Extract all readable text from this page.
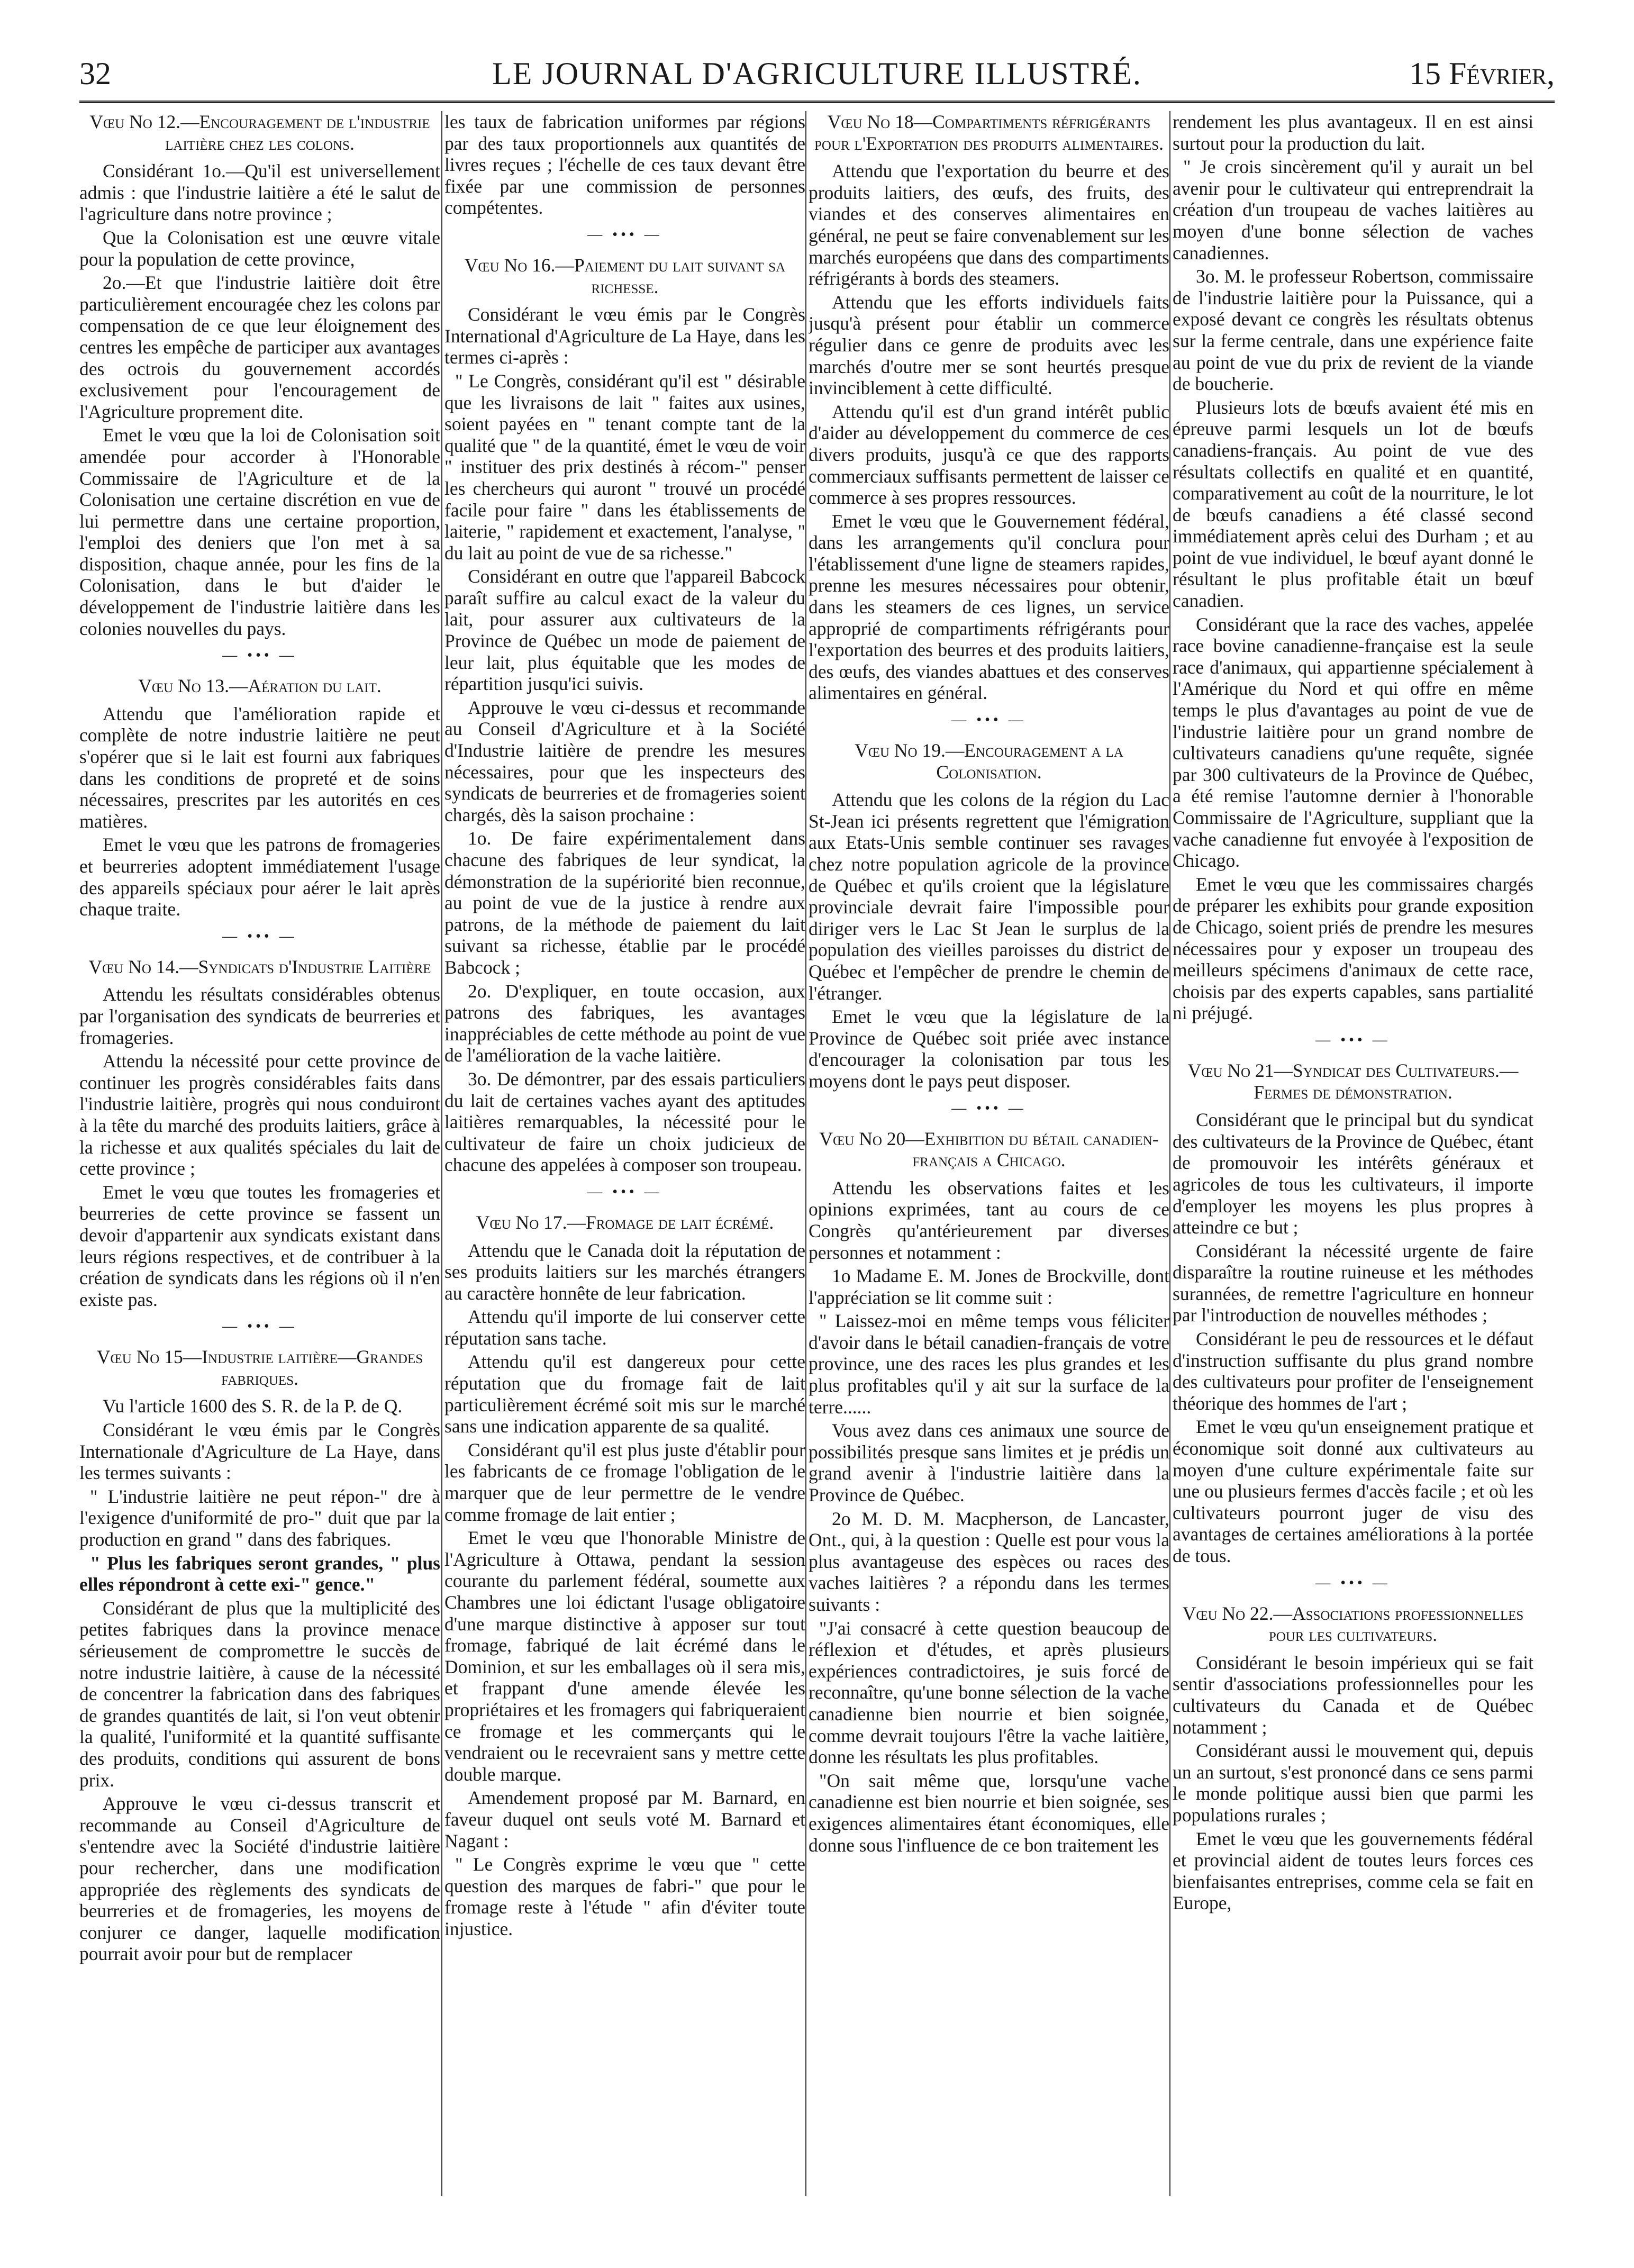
32	LE JOURNAL D'AGRICULTURE ILLUSTRÉ.	15 Février,

Vœu No 12.—Encouragement de l'industrie laitière chez les colons.

Considérant 1o.—Qu'il est universellement admis : que l'industrie laitière a été le salut de l'agriculture dans notre province ;

Que la Colonisation est une œuvre vitale pour la population de cette province,

2o.—Et que l'industrie laitière doit être particulièrement encouragée chez les colons par compensation de ce que leur éloignement des centres les empêche de participer aux avantages des octrois du gouvernement accordés exclusivement pour l'encouragement de l'Agriculture proprement dite.

Emet le vœu que la loi de Colonisation soit amendée pour accorder à l'Honorable Commissaire de l'Agriculture et de la Colonisation une certaine discrétion en vue de lui permettre dans une certaine proportion, l'emploi des deniers que l'on met à sa disposition, chaque année, pour les fins de la Colonisation, dans le but d'aider le développement de l'industrie laitière dans les colonies nouvelles du pays.

— ••• —

Vœu No 13.—Aération du lait.

Attendu que l'amélioration rapide et complète de notre industrie laitière ne peut s'opérer que si le lait est fourni aux fabriques dans les conditions de propreté et de soins nécessaires, prescrites par les autorités en ces matières.

Emet le vœu que les patrons de fromageries et beurreries adoptent immédiatement l'usage des appareils spéciaux pour aérer le lait après chaque traite.

— ••• —

Vœu No 14.—Syndicats d'Industrie Laitière

Attendu les résultats considérables obtenus par l'organisation des syndicats de beurreries et fromageries.

Attendu la nécessité pour cette province de continuer les progrès considérables faits dans l'industrie laitière, progrès qui nous conduiront à la tête du marché des produits laitiers, grâce à la richesse et aux qualités spéciales du lait de cette province ;

Emet le vœu que toutes les fromageries et beurreries de cette province se fassent un devoir d'appartenir aux syndicats existant dans leurs régions respectives, et de contribuer à la création de syndicats dans les régions où il n'en existe pas.

— ••• —

Vœu No 15—Industrie laitière—Grandes fabriques.

Vu l'article 1600 des S. R. de la P. de Q.

Considérant le vœu émis par le Congrès Internationale d'Agriculture de La Haye, dans les termes suivants :

" L'industrie laitière ne peut répon-" dre à l'exigence d'uniformité de pro-" duit que par la production en grand " dans des fabriques.

" Plus les fabriques seront grandes, " plus elles répondront à cette exi-" gence."

Considérant de plus que la multiplicité des petites fabriques dans la province menace sérieusement de compromettre le succès de notre industrie laitière, à cause de la nécessité de concentrer la fabrication dans des fabriques de grandes quantités de lait, si l'on veut obtenir la qualité, l'uniformité et la quantité suffisante des produits, conditions qui assurent de bons prix.

Approuve le vœu ci-dessus transcrit et recommande au Conseil d'Agriculture de s'entendre avec la Société d'industrie laitière pour rechercher, dans une modification appropriée des règlements des syndicats de beurreries et de fromageries, les moyens de conjurer ce danger, laquelle modification pourrait avoir pour but de remplacer

les taux de fabrication uniformes par régions par des taux proportionnels aux quantités de livres reçues ; l'échelle de ces taux devant être fixée par une commission de personnes compétentes.

— ••• —

Vœu No 16.—Paiement du lait suivant sa richesse.

Considérant le vœu émis par le Congrès International d'Agriculture de La Haye, dans les termes ci-après :

" Le Congrès, considérant qu'il est " désirable que les livraisons de lait " faites aux usines, soient payées en " tenant compte tant de la qualité que " de la quantité, émet le vœu de voir " instituer des prix destinés à récom-" penser les chercheurs qui auront " trouvé un procédé facile pour faire " dans les établissements de laiterie, " rapidement et exactement, l'analyse, " du lait au point de vue de sa richesse."

Considérant en outre que l'appareil Babcock paraît suffire au calcul exact de la valeur du lait, pour assurer aux cultivateurs de la Province de Québec un mode de paiement de leur lait, plus équitable que les modes de répartition jusqu'ici suivis.

Approuve le vœu ci-dessus et recommande au Conseil d'Agriculture et à la Société d'Industrie laitière de prendre les mesures nécessaires, pour que les inspecteurs des syndicats de beurreries et de fromageries soient chargés, dès la saison prochaine :

1o. De faire expérimentalement dans chacune des fabriques de leur syndicat, la démonstration de la supériorité bien reconnue, au point de vue de la justice à rendre aux patrons, de la méthode de paiement du lait suivant sa richesse, établie par le procédé Babcock ;

2o. D'expliquer, en toute occasion, aux patrons des fabriques, les avantages inappréciables de cette méthode au point de vue de l'amélioration de la vache laitière.

3o. De démontrer, par des essais particuliers du lait de certaines vaches ayant des aptitudes laitières remarquables, la nécessité pour le cultivateur de faire un choix judicieux de chacune des appelées à composer son troupeau.

— ••• —

Vœu No 17.—Fromage de lait écrémé.

Attendu que le Canada doit la réputation de ses produits laitiers sur les marchés étrangers au caractère honnête de leur fabrication.

Attendu qu'il importe de lui conserver cette réputation sans tache.

Attendu qu'il est dangereux pour cette réputation que du fromage fait de lait particulièrement écrémé soit mis sur le marché sans une indication apparente de sa qualité.

Considérant qu'il est plus juste d'établir pour les fabricants de ce fromage l'obligation de le marquer que de leur permettre de le vendre comme fromage de lait entier ;

Emet le vœu que l'honorable Ministre de l'Agriculture à Ottawa, pendant la session courante du parlement fédéral, soumette aux Chambres une loi édictant l'usage obligatoire d'une marque distinctive à apposer sur tout fromage, fabriqué de lait écrémé dans le Dominion, et sur les emballages où il sera mis, et frappant d'une amende élevée les propriétaires et les fromagers qui fabriqueraient ce fromage et les commerçants qui le vendraient ou le recevraient sans y mettre cette double marque.

Amendement proposé par M. Barnard, en faveur duquel ont seuls voté M. Barnard et Nagant :

" Le Congrès exprime le vœu que " cette question des marques de fabri-" que pour le fromage reste à l'étude " afin d'éviter toute injustice.

Vœu No 18—Compartiments réfrigérants pour l'Exportation des produits alimentaires.

Attendu que l'exportation du beurre et des produits laitiers, des œufs, des fruits, des viandes et des conserves alimentaires en général, ne peut se faire convenablement sur les marchés européens que dans des compartiments réfrigérants à bords des steamers.

Attendu que les efforts individuels faits jusqu'à présent pour établir un commerce régulier dans ce genre de produits avec les marchés d'outre mer se sont heurtés presque invinciblement à cette difficulté.

Attendu qu'il est d'un grand intérêt public d'aider au développement du commerce de ces divers produits, jusqu'à ce que des rapports commerciaux suffisants permettent de laisser ce commerce à ses propres ressources.

Emet le vœu que le Gouvernement fédéral, dans les arrangements qu'il conclura pour l'établissement d'une ligne de steamers rapides, prenne les mesures nécessaires pour obtenir, dans les steamers de ces lignes, un service approprié de compartiments réfrigérants pour l'exportation des beurres et des produits laitiers, des œufs, des viandes abattues et des conserves alimentaires en général.

— ••• —

Vœu No 19.—Encouragement a la Colonisation.

Attendu que les colons de la région du Lac St-Jean ici présents regrettent que l'émigration aux Etats-Unis semble continuer ses ravages chez notre population agricole de la province de Québec et qu'ils croient que la législature provinciale devrait faire l'impossible pour diriger vers le Lac St Jean le surplus de la population des vieilles paroisses du district de Québec et l'empêcher de prendre le chemin de l'étranger.

Emet le vœu que la législature de la Province de Québec soit priée avec instance d'encourager la colonisation par tous les moyens dont le pays peut disposer.

— ••• —

Vœu No 20—Exhibition du bétail canadien-français a Chicago.

Attendu les observations faites et les opinions exprimées, tant au cours de ce Congrès qu'antérieurement par diverses personnes et notamment :

1o Madame E. M. Jones de Brockville, dont l'appréciation se lit comme suit :

" Laissez-moi en même temps vous féliciter d'avoir dans le bétail canadien-français de votre province, une des races les plus grandes et les plus profitables qu'il y ait sur la surface de la terre......

Vous avez dans ces animaux une source de possibilités presque sans limites et je prédis un grand avenir à l'industrie laitière dans la Province de Québec.

2o M. D. M. Macpherson, de Lancaster, Ont., qui, à la question : Quelle est pour vous la plus avantageuse des espèces ou races des vaches laitières ? a répondu dans les termes suivants :

"J'ai consacré à cette question beaucoup de réflexion et d'études, et après plusieurs expériences contradictoires, je suis forcé de reconnaître, qu'une bonne sélection de la vache canadienne bien nourrie et bien soignée, comme devrait toujours l'être la vache laitière, donne les résultats les plus profitables.

"On sait même que, lorsqu'une vache canadienne est bien nourrie et bien soignée, ses exigences alimentaires étant économiques, elle donne sous l'influence de ce bon traitement les

rendement les plus avantageux. Il en est ainsi surtout pour la production du lait.

" Je crois sincèrement qu'il y aurait un bel avenir pour le cultivateur qui entreprendrait la création d'un troupeau de vaches laitières au moyen d'une bonne sélection de vaches canadiennes.

3o. M. le professeur Robertson, commissaire de l'industrie laitière pour la Puissance, qui a exposé devant ce congrès les résultats obtenus sur la ferme centrale, dans une expérience faite au point de vue du prix de revient de la viande de boucherie.

Plusieurs lots de bœufs avaient été mis en épreuve parmi lesquels un lot de bœufs canadiens-français. Au point de vue des résultats collectifs en qualité et en quantité, comparativement au coût de la nourriture, le lot de bœufs canadiens a été classé second immédiatement après celui des Durham ; et au point de vue individuel, le bœuf ayant donné le résultant le plus profitable était un bœuf canadien.

Considérant que la race des vaches, appelée race bovine canadienne-française est la seule race d'animaux, qui appartienne spécialement à l'Amérique du Nord et qui offre en même temps le plus d'avantages au point de vue de l'industrie laitière pour un grand nombre de cultivateurs canadiens qu'une requête, signée par 300 cultivateurs de la Province de Québec, a été remise l'automne dernier à l'honorable Commissaire de l'Agriculture, suppliant que la vache canadienne fut envoyée à l'exposition de Chicago.

Emet le vœu que les commissaires chargés de préparer les exhibits pour grande exposition de Chicago, soient priés de prendre les mesures nécessaires pour y exposer un troupeau des meilleurs spécimens d'animaux de cette race, choisis par des experts capables, sans partialité ni préjugé.

— ••• —

Vœu No 21—Syndicat des Cultivateurs.—Fermes de démonstration.

Considérant que le principal but du syndicat des cultivateurs de la Province de Québec, étant de promouvoir les intérêts généraux et agricoles de tous les cultivateurs, il importe d'employer les moyens les plus propres à atteindre ce but ;

Considérant la nécessité urgente de faire disparaître la routine ruineuse et les méthodes surannées, de remettre l'agriculture en honneur par l'introduction de nouvelles méthodes ;

Considérant le peu de ressources et le défaut d'instruction suffisante du plus grand nombre des cultivateurs pour profiter de l'enseignement théorique des hommes de l'art ;

Emet le vœu qu'un enseignement pratique et économique soit donné aux cultivateurs au moyen d'une culture expérimentale faite sur une ou plusieurs fermes d'accès facile ; et où les cultivateurs pourront juger de visu des avantages de certaines améliorations à la portée de tous.

— ••• —

Vœu No 22.—Associations professionnelles pour les cultivateurs.

Considérant le besoin impérieux qui se fait sentir d'associations professionnelles pour les cultivateurs du Canada et de Québec notamment ;

Considérant aussi le mouvement qui, depuis un an surtout, s'est prononcé dans ce sens parmi le monde politique aussi bien que parmi les populations rurales ;

Emet le vœu que les gouvernements fédéral et provincial aident de toutes leurs forces ces bienfaisantes entreprises, comme cela se fait en Europe,
